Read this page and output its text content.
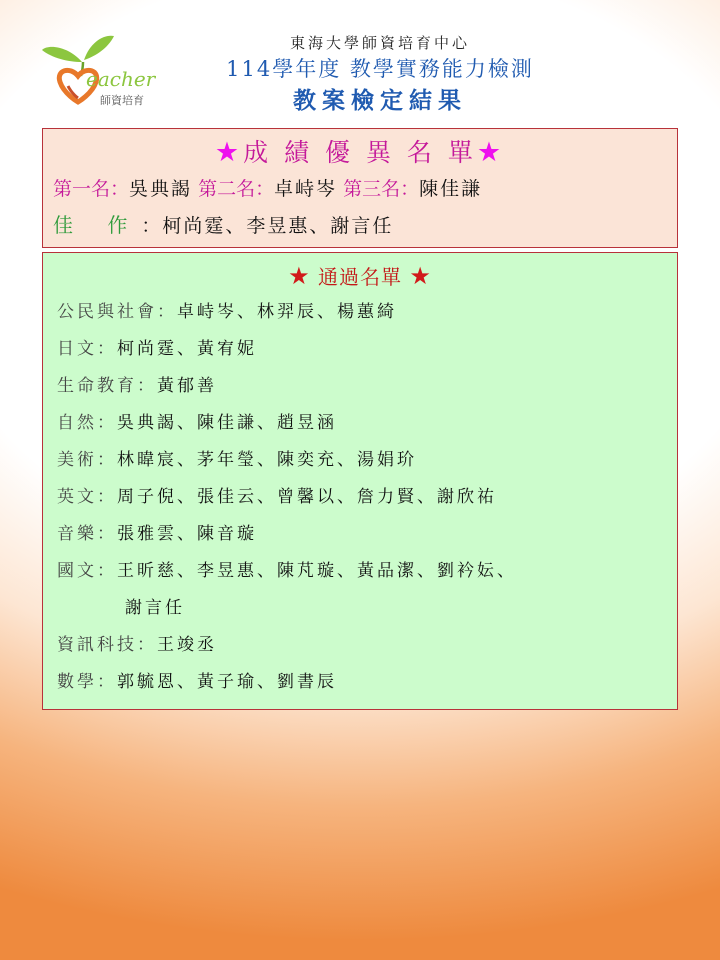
eacher
師資培育
東海大學師資培育中心
114學年度 教學實務能力檢測
教案檢定結果
★成 績 優 異 名 單★
第一名：吳典謁 第二名：卓峙岑 第三名：陳佳謙
佳 作：柯尚霆、李昱惠、謝言任
★ 通過名單 ★
公民與社會：卓峙岑、林羿辰、楊蕙綺
日文：柯尚霆、黃宥妮
生命教育：黃郁善
自然：吳典謁、陳佳謙、趙昱涵
美術：林暐宸、茅年瑩、陳奕充、湯娟玠
英文：周子倪、張佳云、曾馨以、詹力賢、謝欣祐
音樂：張雅雲、陳音璇
國文：王昕慈、李昱惠、陳芃璇、黃品潔、劉衿妘、
謝言任
資訊科技：王竣丞
數學：郭毓恩、黃子瑜、劉書辰
